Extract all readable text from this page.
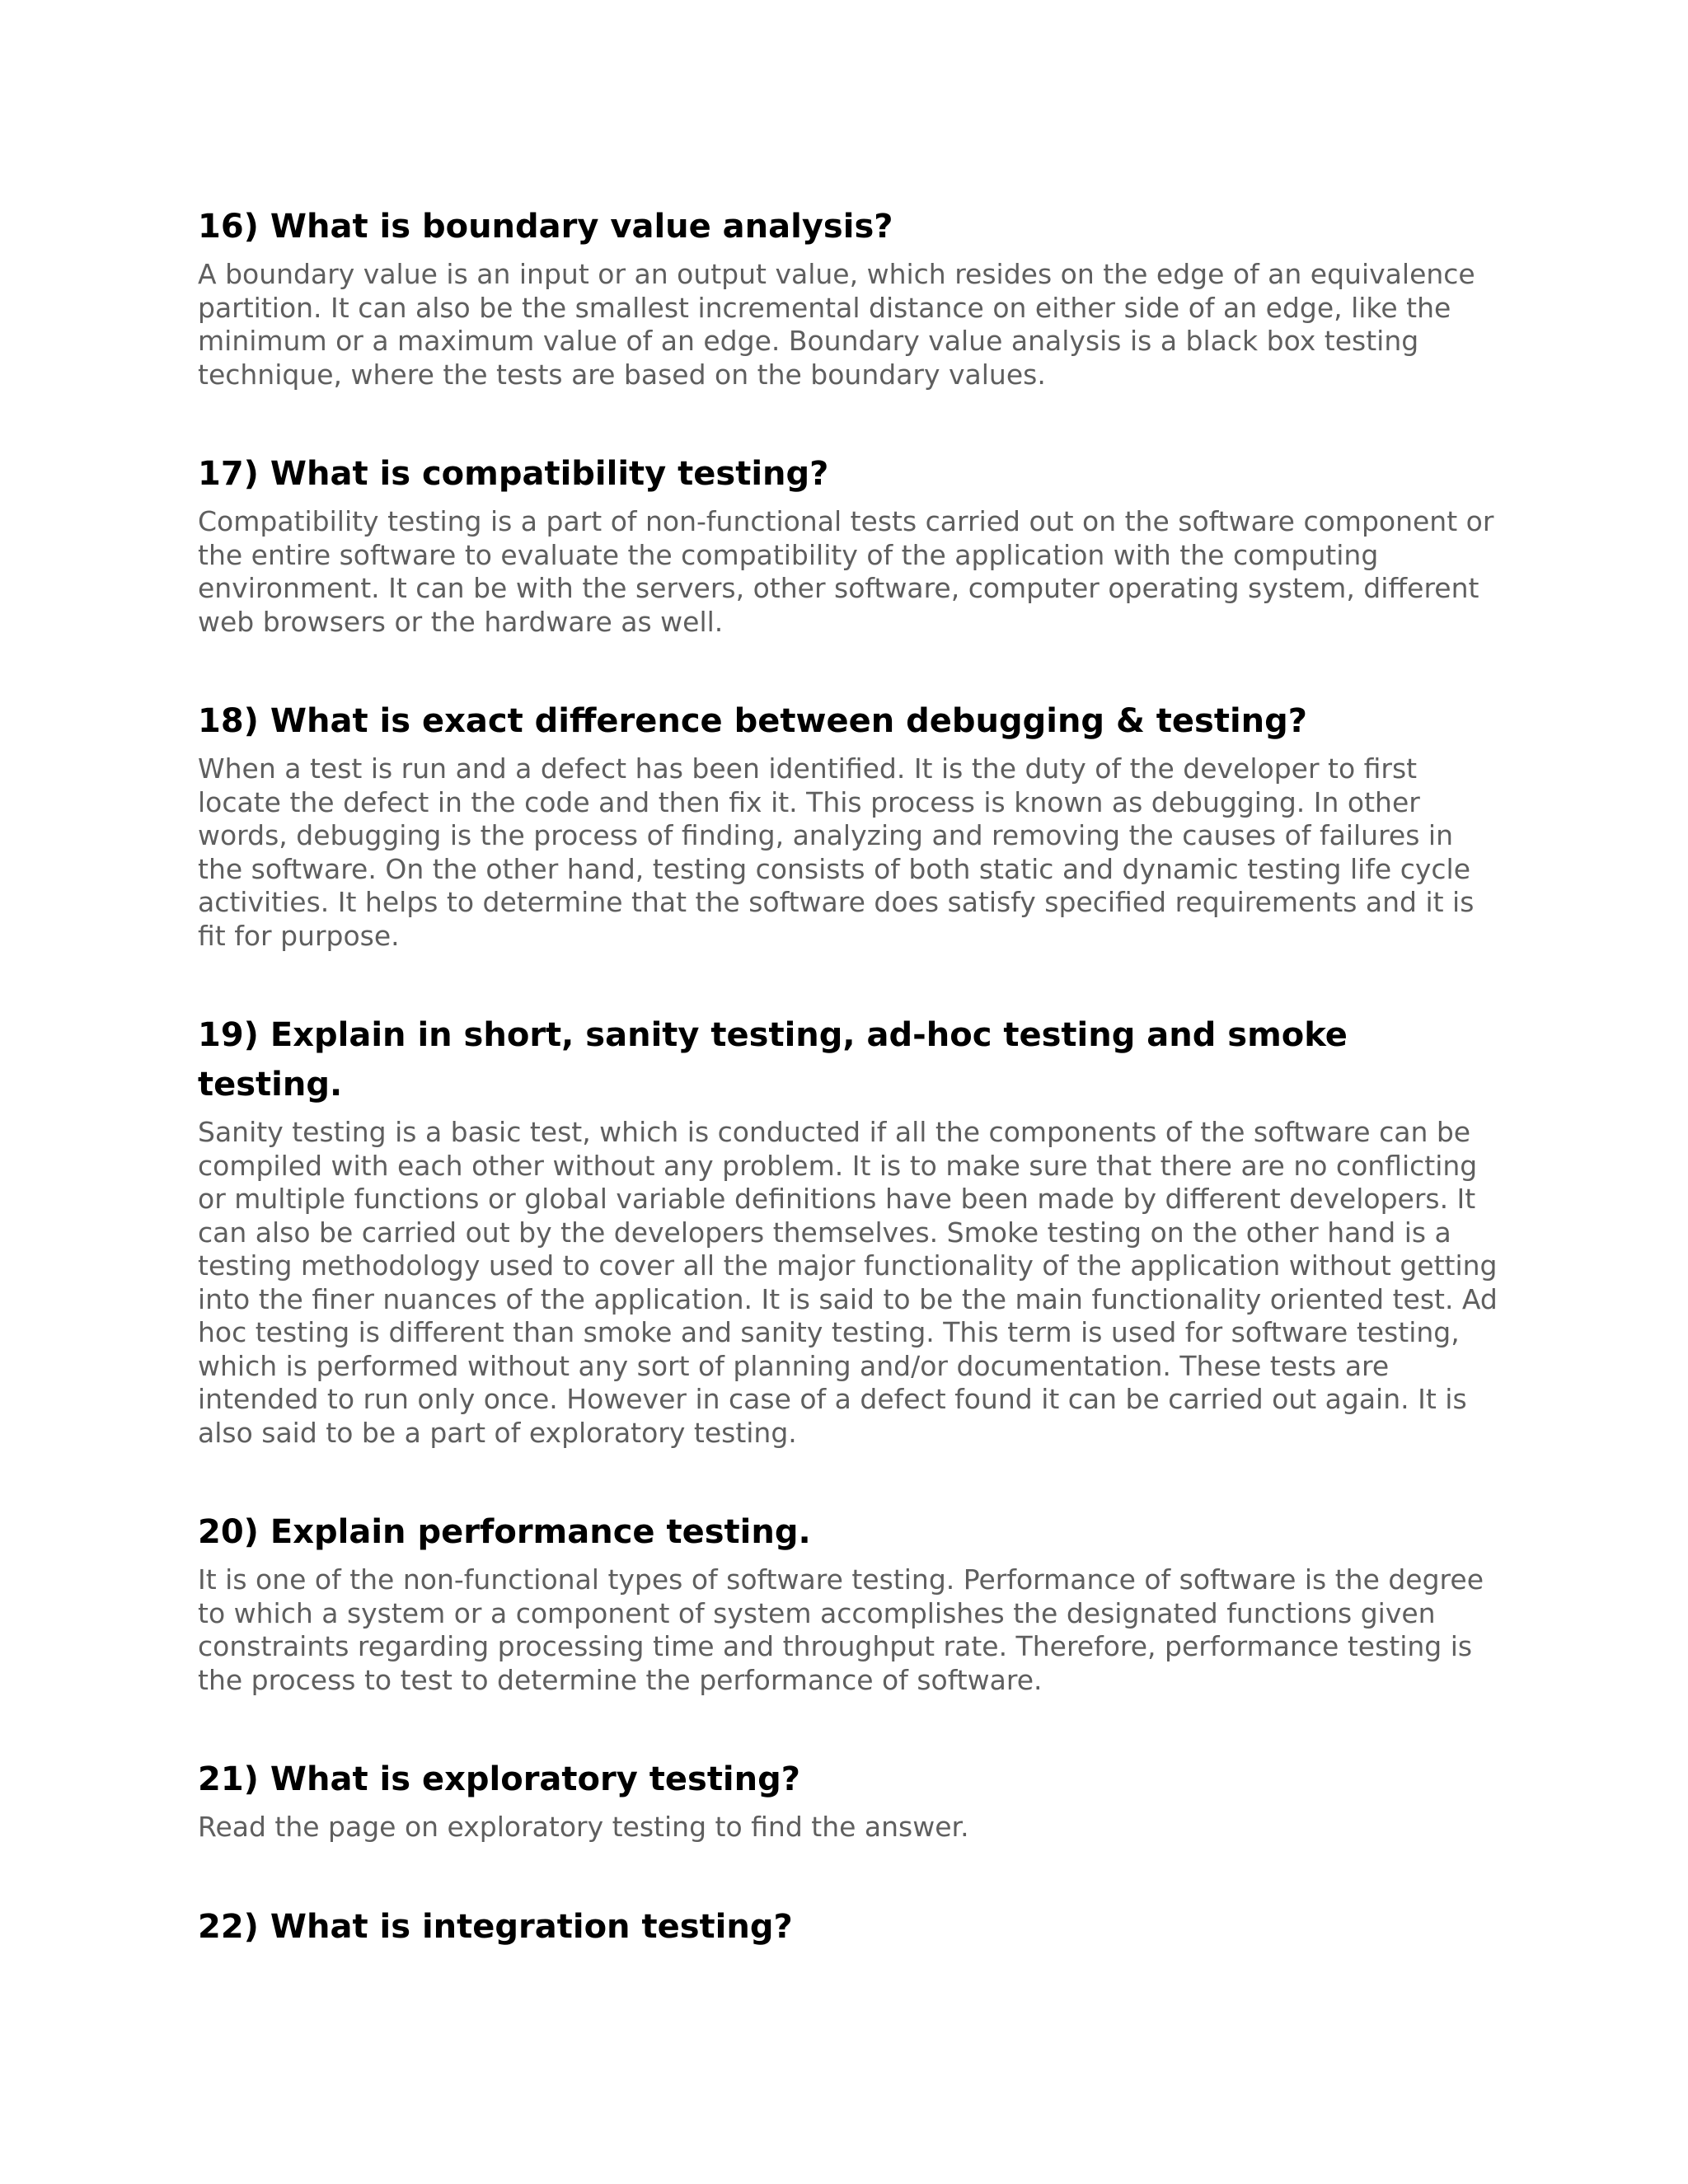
16) What is boundary value analysis?

A boundary value is an input or an output value, which resides on the edge of an equivalence partition. It can also be the smallest incremental distance on either side of an edge, like the minimum or a maximum value of an edge. Boundary value analysis is a black box testing technique, where the tests are based on the boundary values.

17) What is compatibility testing?

Compatibility testing is a part of non-functional tests carried out on the software component or the entire software to evaluate the compatibility of the application with the computing environment. It can be with the servers, other software, computer operating system, different web browsers or the hardware as well.

18) What is exact difference between debugging & testing?

When a test is run and a defect has been identified. It is the duty of the developer to first locate the defect in the code and then fix it. This process is known as debugging. In other words, debugging is the process of finding, analyzing and removing the causes of failures in the software. On the other hand, testing consists of both static and dynamic testing life cycle activities. It helps to determine that the software does satisfy specified requirements and it is fit for purpose.

19) Explain in short, sanity testing, ad-hoc testing and smoke testing.

Sanity testing is a basic test, which is conducted if all the components of the software can be compiled with each other without any problem. It is to make sure that there are no conflicting or multiple functions or global variable definitions have been made by different developers. It can also be carried out by the developers themselves. Smoke testing on the other hand is a testing methodology used to cover all the major functionality of the application without getting into the finer nuances of the application. It is said to be the main functionality oriented test. Ad hoc testing is different than smoke and sanity testing. This term is used for software testing, which is performed without any sort of planning and/or documentation. These tests are intended to run only once. However in case of a defect found it can be carried out again. It is also said to be a part of exploratory testing.

20) Explain performance testing.

It is one of the non-functional types of software testing. Performance of software is the degree to which a system or a component of system accomplishes the designated functions given constraints regarding processing time and throughput rate. Therefore, performance testing is the process to test to determine the performance of software.

21) What is exploratory testing?

Read the page on exploratory testing to find the answer.

22) What is integration testing?
